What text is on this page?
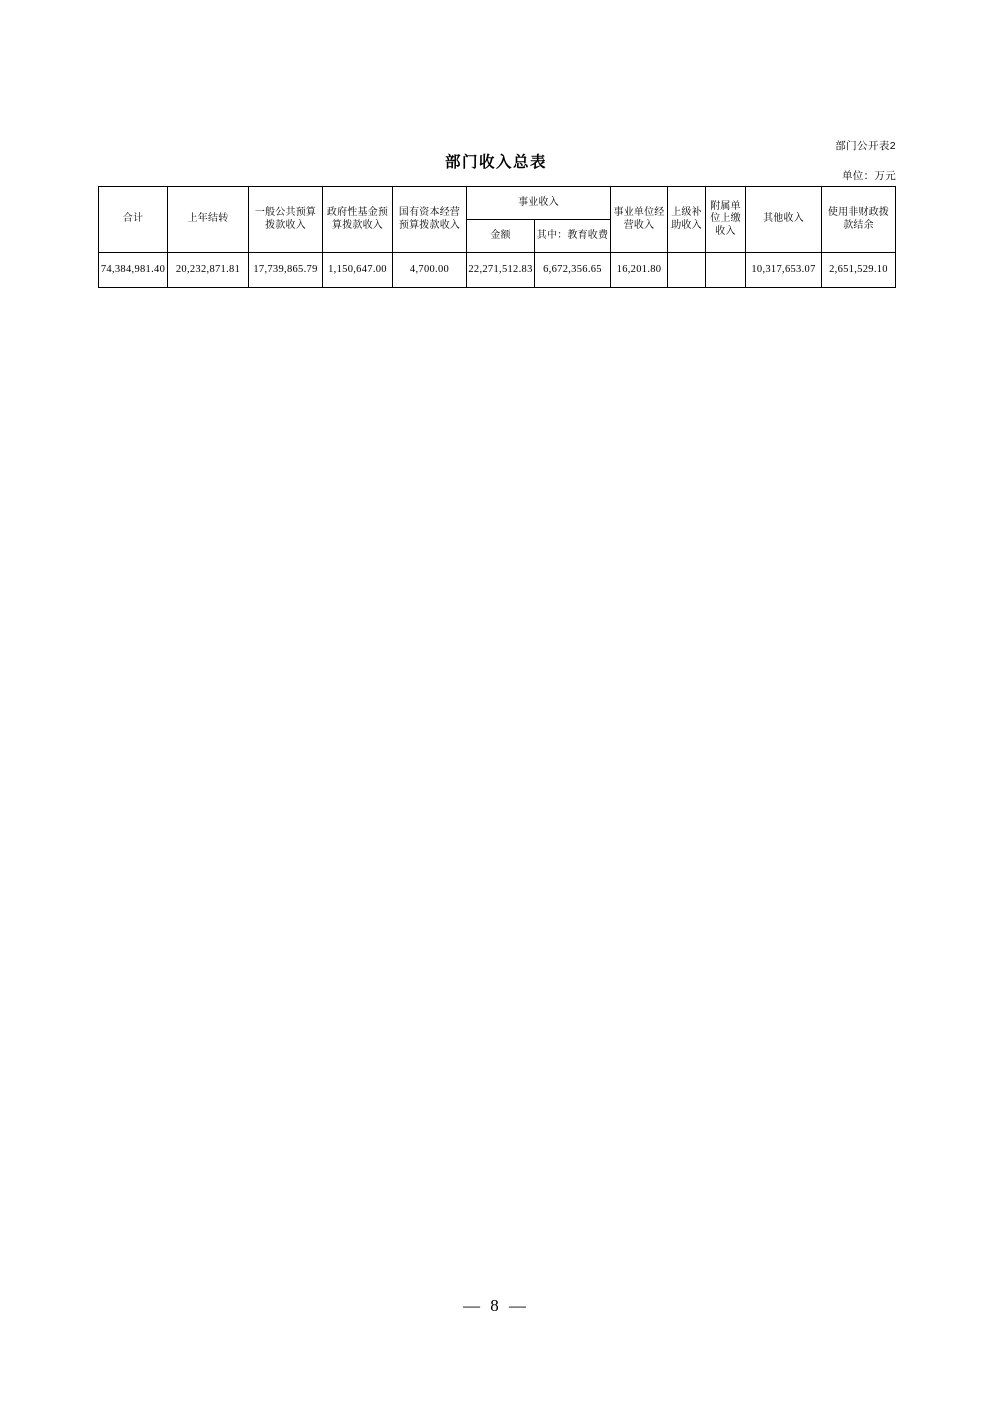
部门公开表2
部门收入总表
单位：万元
合计	上年结转	一般公共预算拨款收入	政府性基金预算拨款收入	国有资本经营预算拨款收入	事业收入		事业单位经营收入	上级补助收入	附属单位上缴收入	其他收入	使用非财政拨款结余
					金额	其中：教育收费					
74,384,981.40	20,232,871.81	17,739,865.79	1,150,647.00	4,700.00	22,271,512.83	6,672,356.65	16,201.80			10,317,653.07	2,651,529.10
— 8 —
